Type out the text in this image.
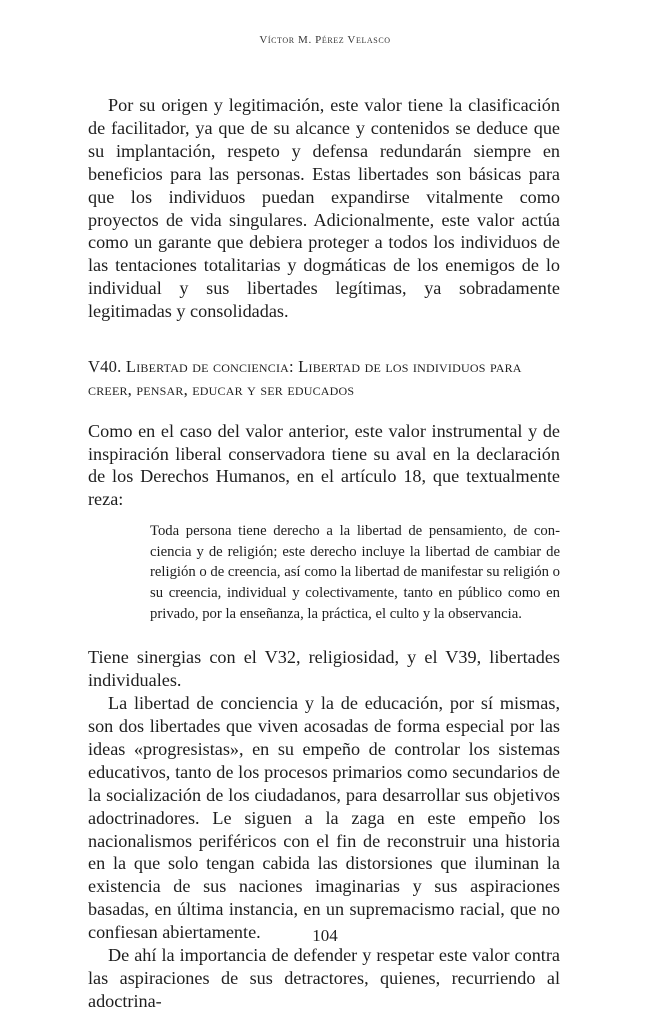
Víctor M. Pérez Velasco

Por su origen y legitimación, este valor tiene la clasificación de facilitador, ya que de su alcance y contenidos se deduce que su implantación, respeto y defensa redundarán siempre en beneficios para las personas. Estas libertades son básicas para que los individuos puedan expandirse vitalmente como proyectos de vida singulares. Adicionalmente, este valor actúa como un garante que debiera proteger a todos los individuos de las tentaciones totalitarias y dogmáticas de los enemigos de lo individual y sus libertades legítimas, ya sobradamente legitimadas y consolidadas.

V40. Libertad de conciencia: Libertad de los individuos para creer, pensar, educar y ser educados

Como en el caso del valor anterior, este valor instrumental y de inspiración liberal conservadora tiene su aval en la declaración de los Derechos Humanos, en el artículo 18, que textualmente reza:

Toda persona tiene derecho a la libertad de pensamiento, de conciencia y de religión; este derecho incluye la libertad de cambiar de religión o de creencia, así como la libertad de manifestar su religión o su creencia, individual y colectivamente, tanto en público como en privado, por la enseñanza, la práctica, el culto y la observancia.

Tiene sinergias con el V32, religiosidad, y el V39, libertades individuales.

La libertad de conciencia y la de educación, por sí mismas, son dos libertades que viven acosadas de forma especial por las ideas «progresistas», en su empeño de controlar los sistemas educativos, tanto de los procesos primarios como secundarios de la socialización de los ciudadanos, para desarrollar sus objetivos adoctrinadores. Le siguen a la zaga en este empeño los nacionalismos periféricos con el fin de reconstruir una historia en la que solo tengan cabida las distorsiones que iluminan la existencia de sus naciones imaginarias y sus aspiraciones basadas, en última instancia, en un supremacismo racial, que no confiesan abiertamente.

De ahí la importancia de defender y respetar este valor contra las aspiraciones de sus detractores, quienes, recurriendo al adoctrina-

104
